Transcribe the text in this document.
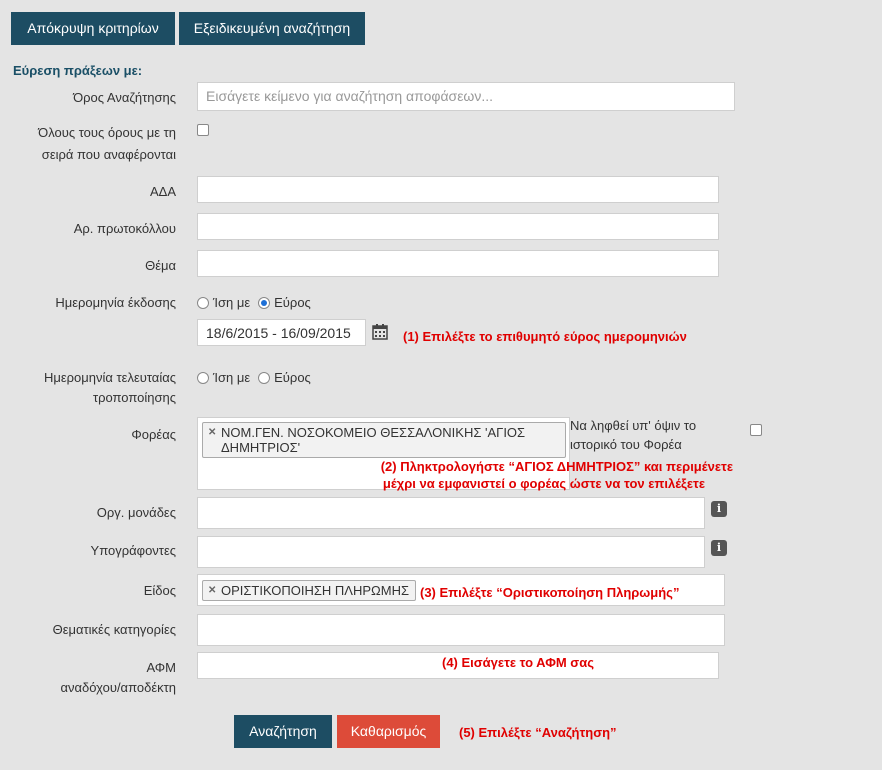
Απόκρυψη κριτηρίων	Εξειδικευμένη αναζήτηση
Εύρεση πράξεων με:
Όρος Αναζήτησης	Εισάγετε κείμενο για αναζήτηση αποφάσεων...
Όλους τους όρους με τη
σειρά που αναφέρονται
ΑΔΑ
Αρ. πρωτοκόλλου
Θέμα
Ημερομηνία έκδοσης	Ίση με Εύρος
18/6/2015 - 16/09/2015	(1) Επιλέξτε το επιθυμητό εύρος ημερομηνιών
Ημερομηνία τελευταίας
τροποποίησης
Ίση με Εύρος
Φορέας	✕ ΝΟΜ.ΓΕΝ. ΝΟΣΟΚΟΜΕΙΟ ΘΕΣΣΑΛΟΝΙΚΗΣ 'ΑΓΙΟΣ
ΔΗΜΗΤΡΙΟΣ'
Να ληφθεί υπ' όψιν το
ιστορικό του Φορέα
(2) Πληκτρολογήστε “ΑΓΙΟΣ ΔΗΜΗΤΡΙΟΣ” και περιμένετε
μέχρι να εμφανιστεί ο φορέας ώστε να τον επιλέξετε
Οργ. μονάδες	i
Υπογράφοντες	i
Είδος	✕ ΟΡΙΣΤΙΚΟΠΟΙΗΣΗ ΠΛΗΡΩΜΗΣ (3) Επιλέξτε “Οριστικοποίηση Πληρωμής”
Θεματικές κατηγορίες
ΑΦΜ
αναδόχου/αποδέκτη
(4) Εισάγετε το ΑΦΜ σας
Αναζήτηση	Καθαρισμός	(5) Επιλέξτε “Αναζήτηση”
